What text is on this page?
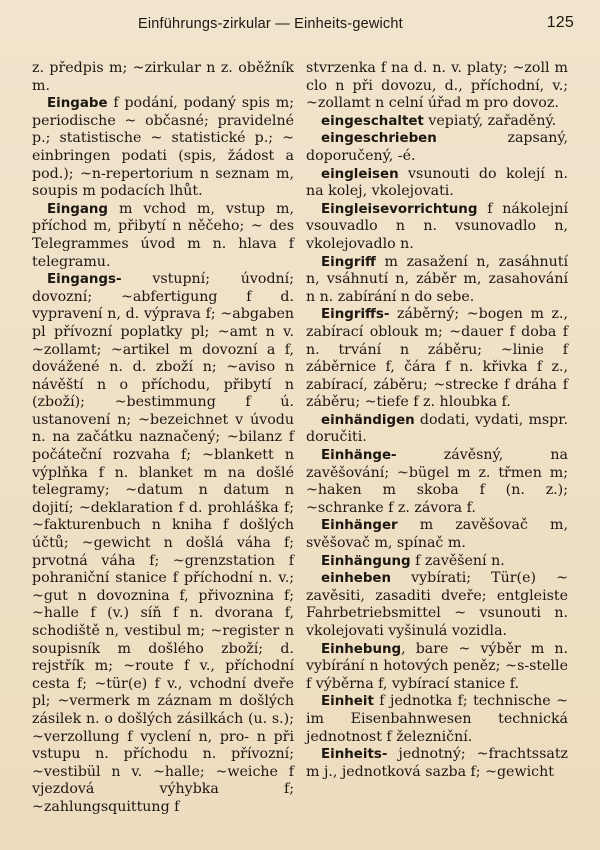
Einführungs-zirkular — Einheits-gewicht	125

z. předpis m; ~zirkular n z. oběžník m.

Eingabe f podání, podaný spis m; periodische ~ občasné; pravidelné p.; statistische ~ statistické p.; ~ einbringen podati (spis, žádost a pod.); ~n-repertorium n seznam m, soupis m podacích lhůt.

Eingang m vchod m, vstup m, příchod m, přibytí n něčeho; ~ des Telegrammes úvod m n. hlava f telegramu.

Eingangs- vstupní; úvodní; dovozní; ~abfertigung f d. vypravení n, d. výprava f; ~abgaben pl přívozní poplatky pl; ~amt n v. ~zollamt; ~artikel m dovozní a f, dovážené n. d. zboží n; ~aviso n návěští n o příchodu, přibytí n (zboží); ~bestimmung f ú. ustanovení n; ~bezeichnet v úvodu n. na začátku naznačený; ~bilanz f počáteční rozvaha f; ~blankett n výplňka f n. blanket m na došlé telegramy; ~datum n datum n dojití; ~deklaration f d. prohláška f; ~fakturenbuch n kniha f došlých účtů; ~gewicht n došlá váha f; prvotná váha f; ~grenzstation f pohraniční stanice f příchodní n. v.; ~gut n dovoznina f, přivoznina f; ~halle f (v.) síň f n. dvorana f, schodiště n, vestibul m; ~register n soupisník m došlého zboží; d. rejstřík m; ~route f v., příchodní cesta f; ~tür(e) f v., vchodní dveře pl; ~vermerk m záznam m došlých zásilek n. o došlých zásilkách (u. s.); ~verzollung f vyclení n, pro- n při vstupu n. příchodu n. přívozní; ~vestibül n v. ~halle; ~weiche f vjezdová výhybka f; ~zahlungsquittung f

stvrzenka f na d. n. v. platy; ~zoll m clo n při dovozu, d., příchodní, v.; ~zollamt n celní úřad m pro dovoz.

eingeschaltet vepiatý, zařaděný.

eingeschrieben zapsaný, doporučený, -é.

eingleisen vsunouti do kolejí n. na kolej, vkolejovati.

Eingleisevorrichtung f nákolejní vsouvadlo n n. vsunovadlo n, vkolejovadlo n.

Eingriff m zasažení n, zasáhnutí n, vsáhnutí n, záběr m, zasahování n n. zabírání n do sebe.

Eingriffs- záběrný; ~bogen m z., zabírací oblouk m; ~dauer f doba f n. trvání n záběru; ~linie f záběrnice f, čára f n. křivka f z., zabírací, záběru; ~strecke f dráha f záběru; ~tiefe f z. hloubka f.

einhändigen dodati, vydati, mspr. doručiti.

Einhänge- závěsný, na zavěšování; ~bügel m z. třmen m; ~haken m skoba f (n. z.); ~schranke f z. závora f.

Einhänger m zavěšovač m, svěšovač m, spínač m.

Einhängung f zavěšení n.

einheben vybírati; Tür(e) ~ zavěsiti, zasaditi dveře; entgleiste Fahrbetriebsmittel ~ vsunouti n. vkolejovati vyšinulá vozidla.

Einhebung, bare ~ výběr m n. vybírání n hotových peněz; ~s-stelle f výběrna f, vybírací stanice f.

Einheit f jednotka f; technische ~ im Eisenbahnwesen technická jednotnost f železniční.

Einheits- jednotný; ~frachtssatz m j., jednotková sazba f; ~gewicht
